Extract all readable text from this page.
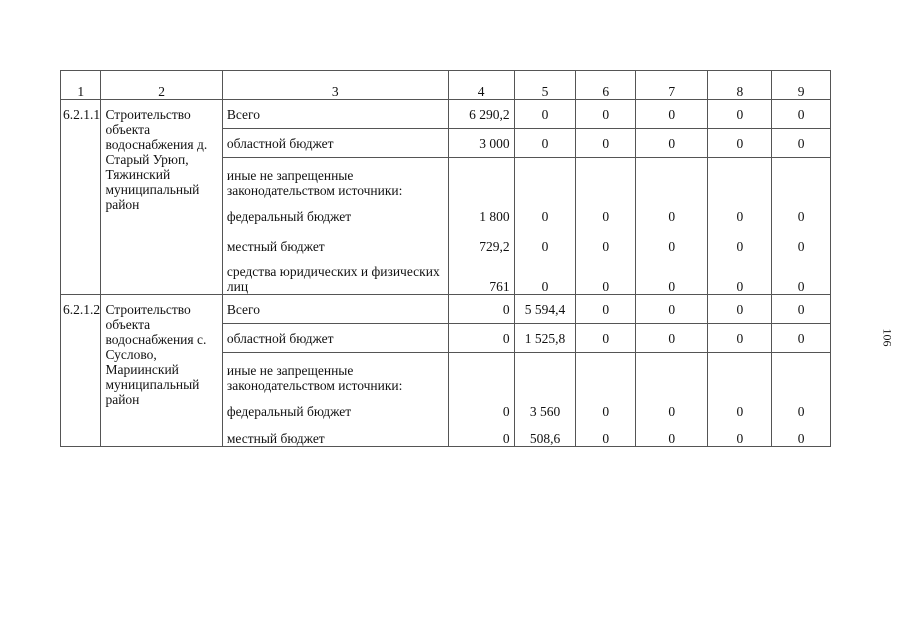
1	2	3	4	5	6	7	8	9
6.2.1.1	Строительство объекта водоснабжения д. Старый Урюп, Тяжинский муниципальный район	Всего	6 290,2	0	0	0	0	0
		областной бюджет	3 000	0	0	0	0	0
		иные не запрещенные законодательством источники:						
		федеральный бюджет	1 800	0	0	0	0	0
		местный бюджет	729,2	0	0	0	0	0
		средства юридических и физических лиц	761	0	0	0	0	0
6.2.1.2	Строительство объекта водоснабжения с. Суслово, Мариинский муниципальный район	Всего	0	5 594,4	0	0	0	0
		областной бюджет	0	1 525,8	0	0	0	0
		иные не запрещенные законодательством источники:						
		федеральный бюджет	0	3 560	0	0	0	0
		местный бюджет	0	508,6	0	0	0	0
106
